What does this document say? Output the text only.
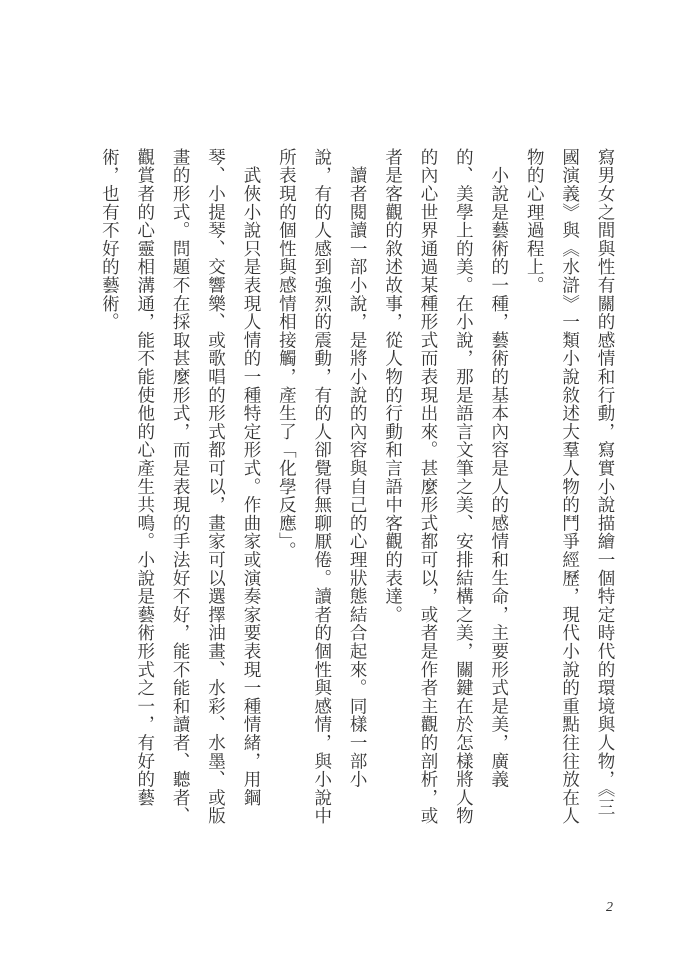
寫男女之間與性有關的感情和行動，寫實小說描繪一個特定時代的環境與人物，《三
國演義》與《水滸》一類小說敘述大羣人物的鬥爭經歷，現代小說的重點往往放在人
物的心理過程上。
　小說是藝術的一種，藝術的基本內容是人的感情和生命，主要形式是美，廣義
的、美學上的美。在小說，那是語言文筆之美、安排結構之美，關鍵在於怎樣將人物
的內心世界通過某種形式而表現出來。甚麼形式都可以，或者是作者主觀的剖析，或
者是客觀的敘述故事，從人物的行動和言語中客觀的表達。
　讀者閱讀一部小說，是將小說的內容與自己的心理狀態結合起來。同樣一部小
說，有的人感到強烈的震動，有的人卻覺得無聊厭倦。讀者的個性與感情，與小說中
所表現的個性與感情相接觸，產生了「化學反應」。
　武俠小說只是表現人情的一種特定形式。作曲家或演奏家要表現一種情緒，用鋼
琴、小提琴、交響樂、或歌唱的形式都可以，畫家可以選擇油畫、水彩、水墨、或版
畫的形式。問題不在採取甚麼形式，而是表現的手法好不好，能不能和讀者、聽者、
觀賞者的心靈相溝通，能不能使他的心產生共鳴。小說是藝術形式之一，有好的藝
術，也有不好的藝術。
2
